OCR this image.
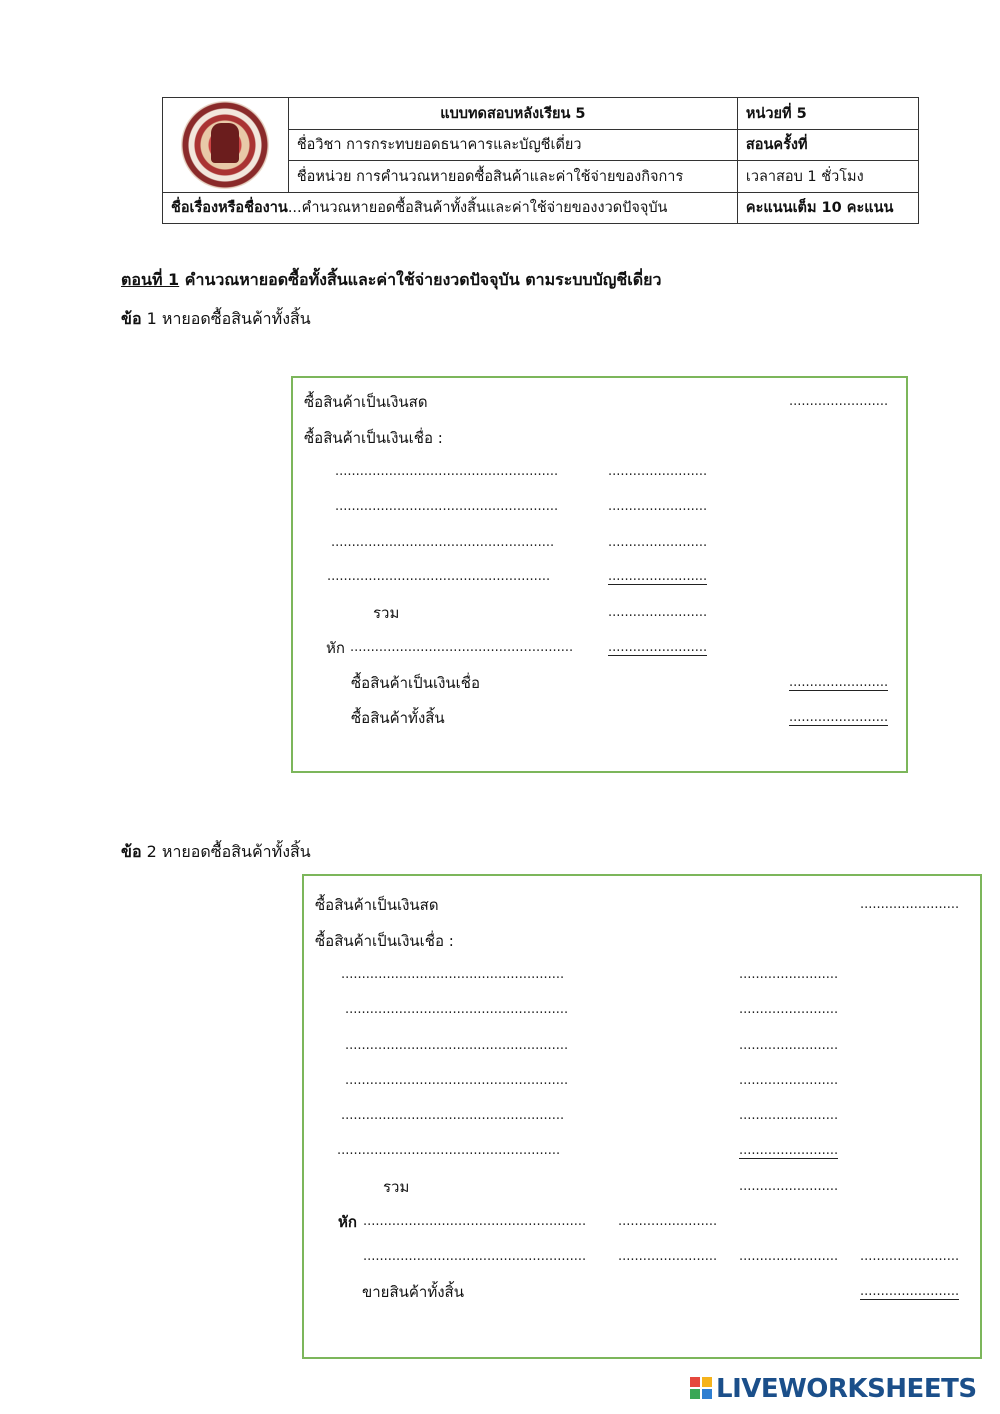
	แบบทดสอบหลังเรียน 5	หน่วยที่ 5
	ชื่อวิชา การกระทบยอดธนาคารและบัญชีเดี่ยว	สอนครั้งที่
	ชื่อหน่วย การคำนวณหายอดซื้อสินค้าและค่าใช้จ่ายของกิจการ	เวลาสอบ 1 ชั่วโมง
ชื่อเรื่องหรือชื่องาน...คำนวณหายอดซื้อสินค้าทั้งสิ้นและค่าใช้จ่ายของงวดปัจจุบัน		คะแนนเต็ม 10 คะแนน
ตอนที่ 1 คำนวณหายอดซื้อทั้งสิ้นและค่าใช้จ่ายงวดปัจจุบัน ตามระบบบัญชีเดี่ยว
ข้อ 1 หายอดซื้อสินค้าทั้งสิ้น
ซื้อสินค้าเป็นเงินสด	........................
ซื้อสินค้าเป็นเงินเชื่อ :
......................................................	........................
......................................................	........................
......................................................	........................
......................................................	........................
รวม	........................
หัก ......................................................	........................
ซื้อสินค้าเป็นเงินเชื่อ	........................
ซื้อสินค้าทั้งสิ้น	........................
ข้อ 2 หายอดซื้อสินค้าทั้งสิ้น
ซื้อสินค้าเป็นเงินสด	........................
ซื้อสินค้าเป็นเงินเชื่อ :
......................................................	........................
......................................................	........................
......................................................	........................
......................................................	........................
......................................................	........................
......................................................	........................
รวม	........................
หัก ...................................................... ........................
...................................................... ........................ ........................ ........................
ขายสินค้าทั้งสิ้น	........................
LIVEWORKSHEETS
